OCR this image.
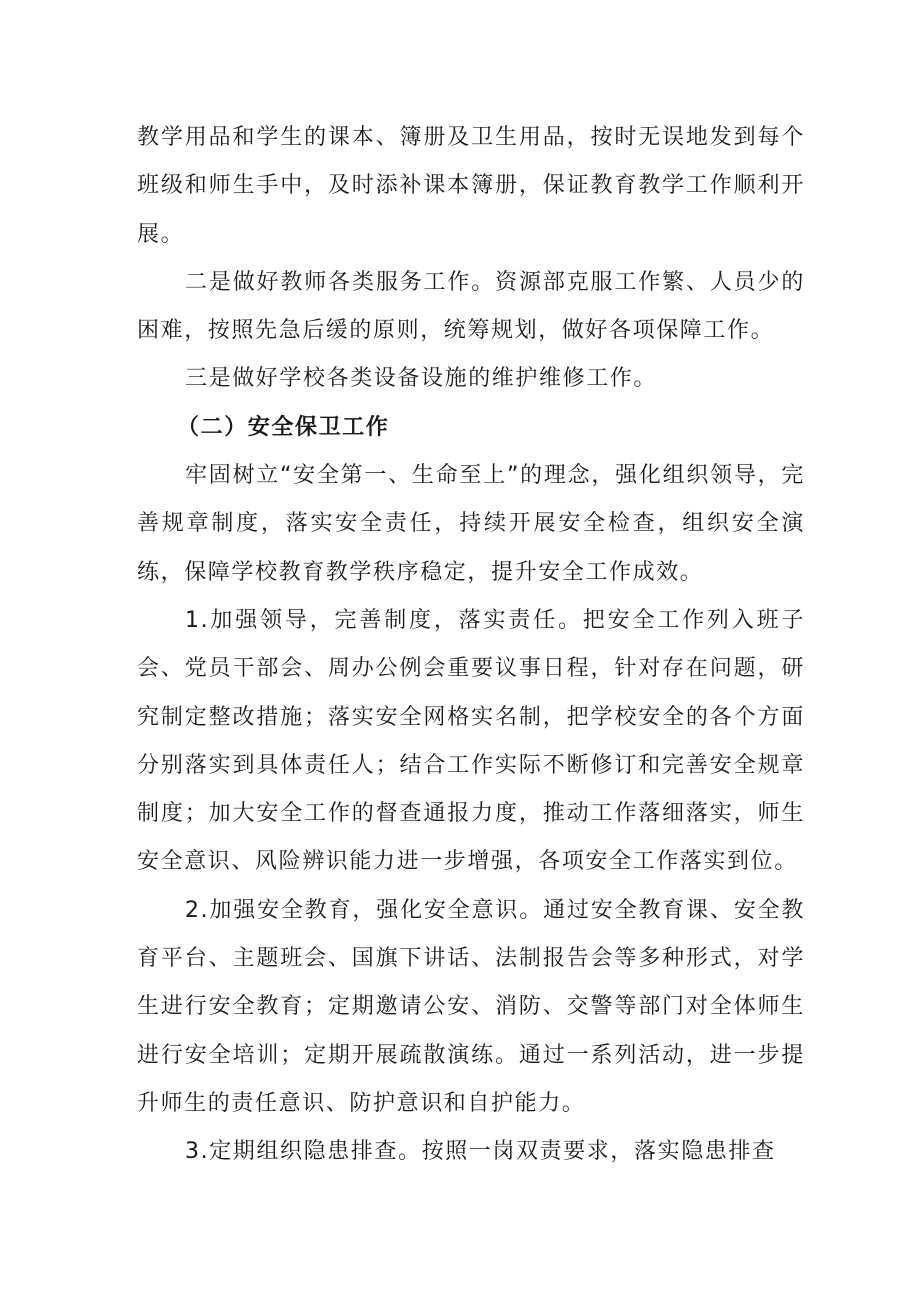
教学用品和学生的课本、簿册及卫生用品，按时无误地发到每个班级和师生手中，及时添补课本簿册，保证教育教学工作顺利开展。

二是做好教师各类服务工作。资源部克服工作繁、人员少的困难，按照先急后缓的原则，统筹规划，做好各项保障工作。

三是做好学校各类设备设施的维护维修工作。

（二）安全保卫工作

牢固树立“安全第一、生命至上”的理念，强化组织领导，完善规章制度，落实安全责任，持续开展安全检查，组织安全演练，保障学校教育教学秩序稳定，提升安全工作成效。

1.加强领导，完善制度，落实责任。把安全工作列入班子会、党员干部会、周办公例会重要议事日程，针对存在问题，研究制定整改措施；落实安全网格实名制，把学校安全的各个方面分别落实到具体责任人；结合工作实际不断修订和完善安全规章制度；加大安全工作的督查通报力度，推动工作落细落实，师生安全意识、风险辨识能力进一步增强，各项安全工作落实到位。

2.加强安全教育，强化安全意识。通过安全教育课、安全教育平台、主题班会、国旗下讲话、法制报告会等多种形式，对学生进行安全教育；定期邀请公安、消防、交警等部门对全体师生进行安全培训；定期开展疏散演练。通过一系列活动，进一步提升师生的责任意识、防护意识和自护能力。

3.定期组织隐患排查。按照一岗双责要求，落实隐患排查
